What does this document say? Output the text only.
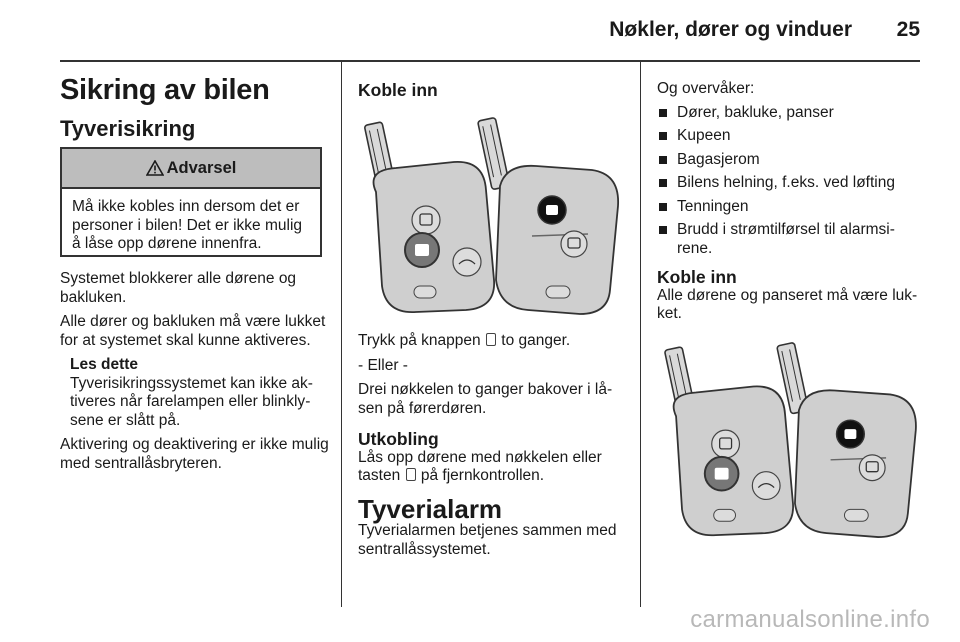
Nøkler, dører og vinduer 25
Sikring av bilen
Tyverisikring
Advarsel
Må ikke kobles inn dersom det er personer i bilen! Det er ikke mulig å låse opp dørene innenfra.

Systemet blokkerer alle dørene og bakluken.

Alle dører og bakluken må være lukket for at systemet skal kunne aktiveres.

Les dette
Tyverisikringssystemet kan ikke aktiveres når farelampen eller blinklysene er slått på.

Aktivering og deaktivering er ikke mulig med sentrallåsbryteren.

Koble inn

Trykk på knappen to ganger.

- Eller -

Drei nøkkelen to ganger bakover i låsen på førerdøren.

Utkobling

Lås opp dørene med nøkkelen eller tasten på fjernkontrollen.

Tyverialarm

Tyverialarmen betjenes sammen med sentrallåssystemet.

Og overvåker:

Dører, bakluke, panser
Kupeen
Bagasjerom
Bilens helning, f.eks. ved løfting
Tenningen
Brudd i strømtilførsel til alarmsirene.
Koble inn

Alle dørene og panseret må være lukket.

carmanualsonline.info
